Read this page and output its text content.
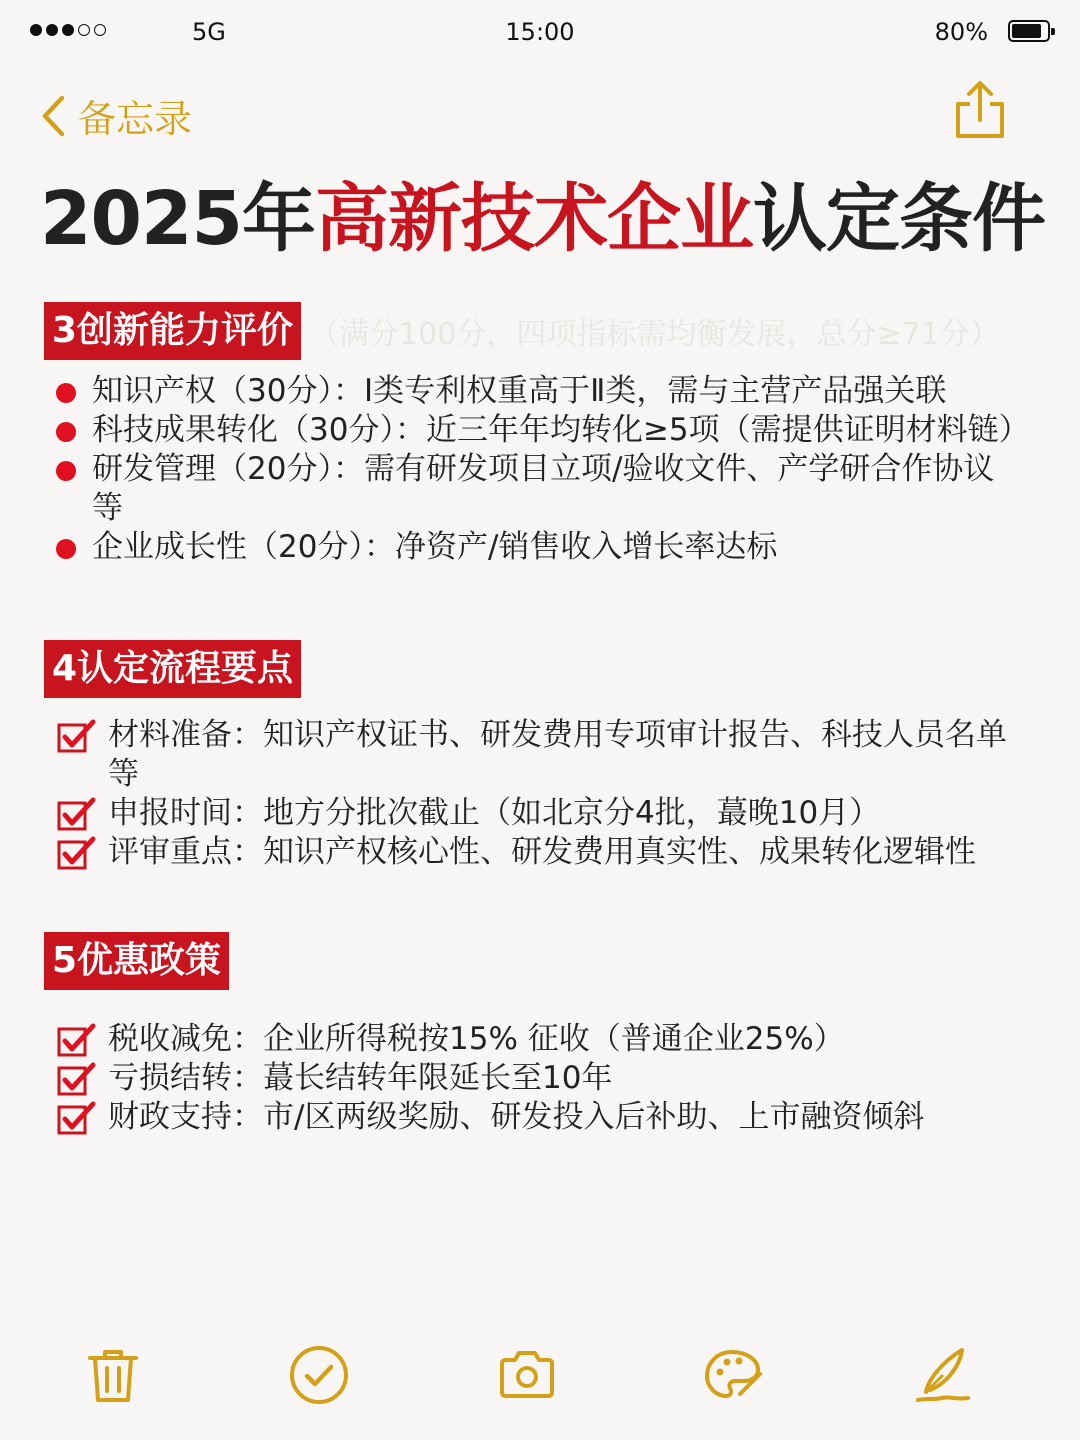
5G	15:00	80%
备忘录
2025年高新技术企业认定条件
3创新能力评价 （满分100分，四项指标需均衡发展，总分≥71分）
知识产权（30分）：Ⅰ类专利权重高于Ⅱ类，需与主营产品强关联
科技成果转化（30分）：近三年年均转化≥5项（需提供证明材料链）
研发管理（20分）：需有研发项目立项/验收文件、产学研合作协议等
企业成长性（20分）：净资产/销售收入增长率达标
4认定流程要点
材料准备：知识产权证书、研发费用专项审计报告、科技人员名单等
申报时间：地方分批次截止（如北京分4批，蕞晚10月）
评审重点：知识产权核心性、研发费用真实性、成果转化逻辑性
5优惠政策
税收减免：企业所得税按15% 征收（普通企业25%）
亏损结转：蕞长结转年限延长至10年
财政支持：市/区两级奖励、研发投入后补助、上市融资倾斜
